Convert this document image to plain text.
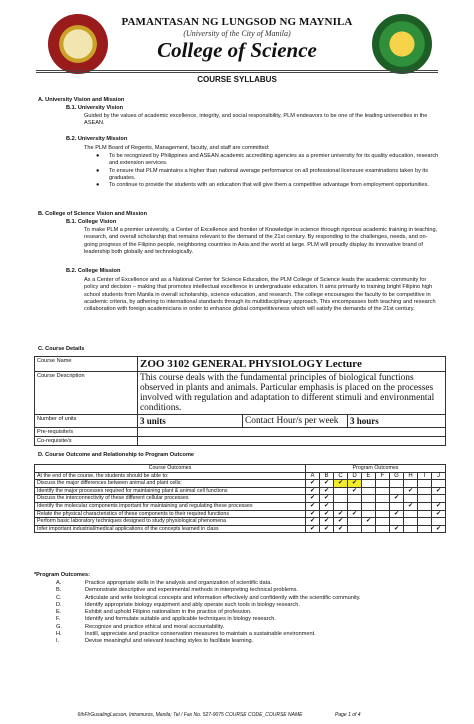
PAMANTASAN NG LUNGSOD NG MAYNILA
(University of the City of Manila)
College of Science
COURSE SYLLABUS
A. University Vision and Mission
B.1. University Vision
Guided by the values of academic excellence, integrity, and social responsibility, PLM endeavors to be one of the leading universities in the ASEAN.
B.2. University Mission
The PLM Board of Regents, Management, faculty, and staff are committed:
● To be recognized by Philippines and ASEAN academic accrediting agencies as a premier university for its quality education, research and extension services.
● To ensure that PLM maintains a higher than national average performance on all professional licensure examinations taken by its graduates.
● To continue to provide the students with an education that will give them a competitive advantage from employment opportunities.
B. College of Science Vision and Mission
B.1. College Vision
To make PLM a premier university, a Center of Excellence and frontier of Knowledge in science through rigorous academic training in teaching, research, and overall scholarship that remains relevant to the demand of the 21st century. By responding to the challenges, needs, and on-going progress of the Filipino people, neighboring countries in Asia and the world at large. PLM will proudly display its innovative brand of leadership both globally and technologically.
B.2. College Mission
As a Center of Excellence and as a National Center for Science Education, the PLM College of Science leads the academic community for policy and decision – making that promotes intellectual excellence in undergraduate education. It aims primarily to training bright Filipino high school students from Manila in overall scholarship, science education, and research. The college encourages the faculty to be competitive in academic criteria, by adhering to international standards through its multidisciplinary approach. This encompasses both teaching and research collaboration with foreign academicians in order to enhance global competitiveness which will satisfy the demands of the 21st century.
C. Course Details
Course Name	ZOO 3102 GENERAL PHYSIOLOGY Lecture		
Course Description	This course deals with the fundamental principles of biological functions observed in plants and animals. Particular emphasis is placed on the processes involved with regulation and adaptation to different stimuli and environmental conditions.		
Number of units	3 units	Contact Hour/s per week	3 hours
Pre-requisite/s			
Co-requisite/s			
D. Course Outcome and Relationship to Program Outcome
Course Outcomes	Program Outcomes									
At the end of the course, the students should be able to:	A	B	C	D	E	F	G	H	I	J
Discuss the major differences between animal and plant cells;	✔	✔	✔	✔						
Identify the major processes required for maintaining plant & animal cell functions	✔	✔		✔				✔		✔
Discuss the interconnectivity of these different cellular processes	✔	✔					✔			
Identify the molecular components important for maintaining and regulating these processes	✔	✔						✔		✔
Relate the physical characteristics of these components to their required functions	✔	✔	✔	✔			✔			✔
Perform basic laboratory techniques designed to study physiological phenomena	✔	✔	✔		✔					
Infer important industrial/medical applications of the concepts learned in class	✔	✔	✔				✔			✔
*Program Outcomes:
A.	Practice appropriate skills in the analysis and organization of scientific data.
B.	Demonstrate descriptive and experimental methods in interpreting technical problems.
C.	Articulate and write biological concepts and information effectively and confidently with the scientific community.
D.	Identify appropriate biology equipment and ably operate such tools in biology research.
E.	Exhibit and uphold Filipino nationalism in the practice of profession.
F.	Identify and formulate suitable and applicable techniques in biology research.
G.	Recognize and practice ethical and moral accountability.
H.	Instill, appreciate and practice conservation measures to maintain a sustainable environment.
I.	Devise meaningful and relevant teaching styles to facilitate learning.
6thFlrGusalingLacson, Intramuros, Manila; Tel / Fax No. 527-9075 COURSE CODE_COURSE NAME	Page 1 of 4
